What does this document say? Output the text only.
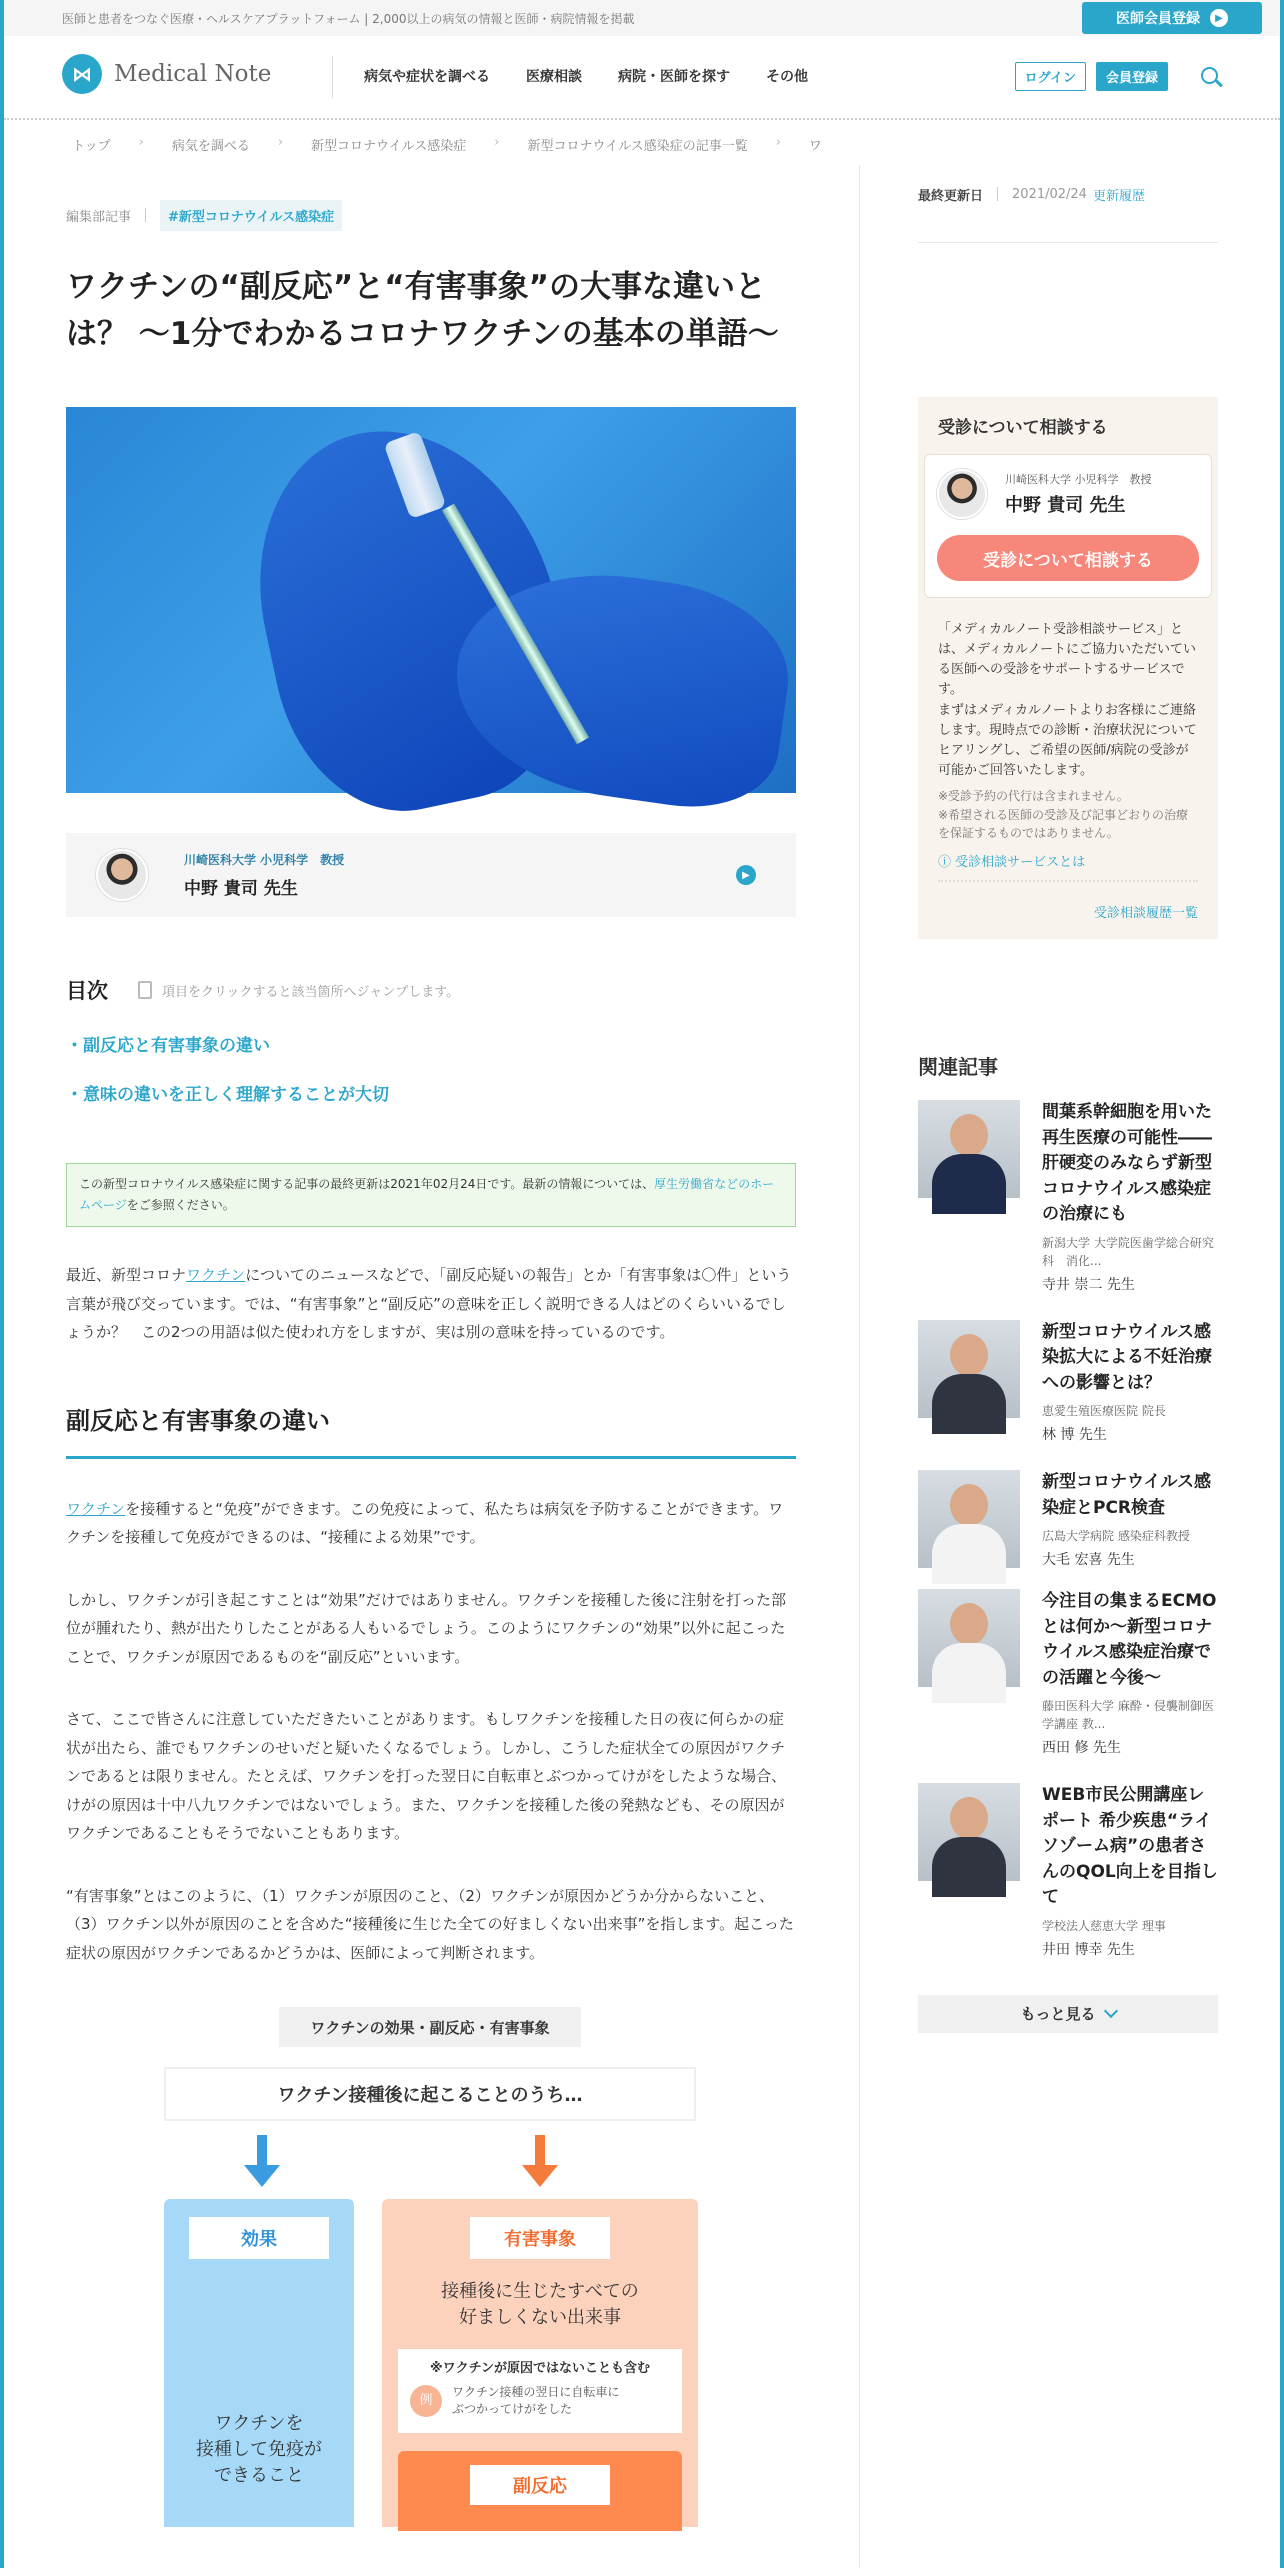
医師と患者をつなぐ医療・ヘルスケアプラットフォーム | 2,000以上の病気の情報と医師・病院情報を掲載	医師会員登録	▶
⋈ Medical Note	病気や症状を調べる	医療相談	病院・医師を探す	その他	ログイン	会員登録
トップ › 病気を調べる › 新型コロナウイルス感染症 › 新型コロナウイルス感染症の記事一覧 › ワ
編集部記事	#新型コロナウイルス感染症
ワクチンの“副反応”と“有害事象”の大事な違いとは？ 〜1分でわかるコロナワクチンの基本の単語〜
川崎医科大学 小児科学　教授
中野 貴司 先生
▶
目次	項目をクリックすると該当箇所へジャンプします。
・ 副反応と有害事象の違い
・ 意味の違いを正しく理解することが大切
この新型コロナウイルス感染症に関する記事の最終更新は2021年02月24日です。最新の情報については、厚生労働省などのホームページをご参照ください。

最近、新型コロナワクチンについてのニュースなどで、「副反応疑いの報告」とか「有害事象は〇件」という言葉が飛び交っています。では、“有害事象”と“副反応”の意味を正しく説明できる人はどのくらいいるでしょうか？　この2つの用語は似た使われ方をしますが、実は別の意味を持っているのです。

副反応と有害事象の違い

ワクチンを接種すると“免疫”ができます。この免疫によって、私たちは病気を予防することができます。ワクチンを接種して免疫ができるのは、“接種による効果”です。

しかし、ワクチンが引き起こすことは“効果”だけではありません。ワクチンを接種した後に注射を打った部位が腫れたり、熱が出たりしたことがある人もいるでしょう。このようにワクチンの“効果”以外に起こったことで、ワクチンが原因であるものを“副反応”といいます。

さて、ここで皆さんに注意していただきたいことがあります。もしワクチンを接種した日の夜に何らかの症状が出たら、誰でもワクチンのせいだと疑いたくなるでしょう。しかし、こうした症状全ての原因がワクチンであるとは限りません。たとえば、ワクチンを打った翌日に自転車とぶつかってけがをしたような場合、けがの原因は十中八九ワクチンではないでしょう。また、ワクチンを接種した後の発熱なども、その原因がワクチンであることもそうでないこともあります。

“有害事象”とはこのように、（1）ワクチンが原因のこと、（2）ワクチンが原因かどうか分からないこと、（3）ワクチン以外が原因のことを含めた“接種後に生じた全ての好ましくない出来事”を指します。起こった症状の原因がワクチンであるかどうかは、医師によって判断されます。

ワクチンの効果・副反応・有害事象
ワクチン接種後に起こることのうち…
効果
ワクチンを
接種して免疫が
できること
有害事象
接種後に生じたすべての
好ましくない出来事
※ワクチンが原因ではないことも含む
例
ワクチン接種の翌日に自転車に
ぶつかってけがをした
副反応
最終更新日 2021/02/24 更新履歴
受診について相談する
川崎医科大学 小児科学　教授
中野 貴司 先生
受診について相談する
「メディカルノート受診相談サービス」とは、メディカルノートにご協力いただいている医師への受診をサポートするサービスです。
まずはメディカルノートよりお客様にご連絡します。現時点での診断・治療状況についてヒアリングし、ご希望の医師/病院の受診が可能かご回答いたします。
※受診予約の代行は含まれません。
※希望される医師の受診及び記事どおりの治療を保証するものではありません。
ⓘ 受診相談サービスとは
受診相談履歴一覧
関連記事
間葉系幹細胞を用いた再生医療の可能性――肝硬変のみならず新型コロナウイルス感染症の治療にも
新潟大学 大学院医歯学総合研究科　消化...
寺井 崇二 先生
新型コロナウイルス感染拡大による不妊治療への影響とは？
恵愛生殖医療医院 院長
林 博 先生
新型コロナウイルス感染症とPCR検査
広島大学病院 感染症科教授
大毛 宏喜 先生
今注目の集まるECMOとは何か〜新型コロナウイルス感染症治療での活躍と今後〜
藤田医科大学 麻酔・侵襲制御医学講座 教...
西田 修 先生
WEB市民公開講座レポート 希少疾患“ライソゾーム病”の患者さんのQOL向上を目指して
学校法人慈恵大学 理事
井田 博幸 先生
もっと見る
